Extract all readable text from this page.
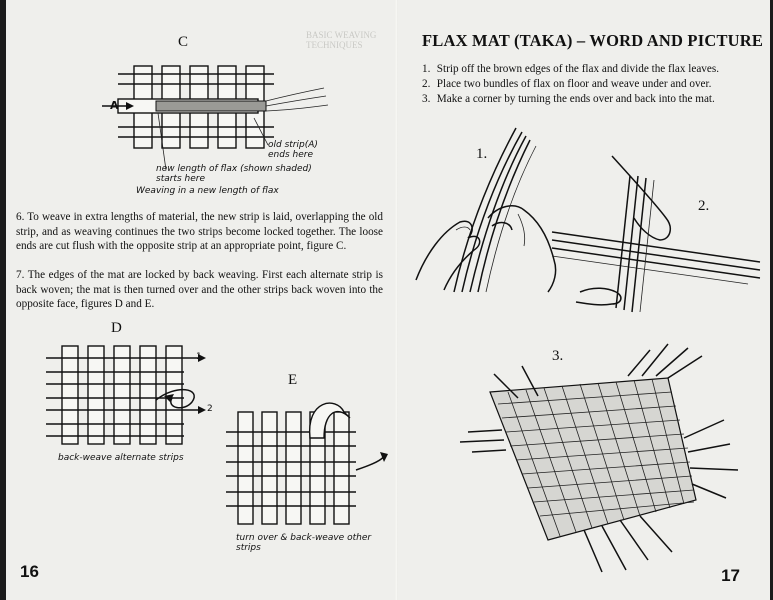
BASIC WEAVING TECHNIQUES
C
A
old strip(A) ends here
new length of flax (shown shaded) starts here
Weaving in a new length of flax
6. To weave in extra lengths of material, the new strip is laid, overlapping the old strip, and as weaving continues the two strips become locked together. The loose ends are cut flush with the opposite strip at an appropriate point, figure C.
7. The edges of the mat are locked by back weaving. First each alternate strip is back woven; the mat is then turned over and the other strips back woven into the opposite face, figures D and E.
D
1
2
back-weave alternate strips
E
turn over & back-weave other strips
16
FLAX MAT (TAKA) – WORD AND PICTURE
1. Strip off the brown edges of the flax and divide the flax leaves.
2. Place two bundles of flax on floor and weave under and over.
3. Make a corner by turning the ends over and back into the mat.
1.
2.
3.
17
